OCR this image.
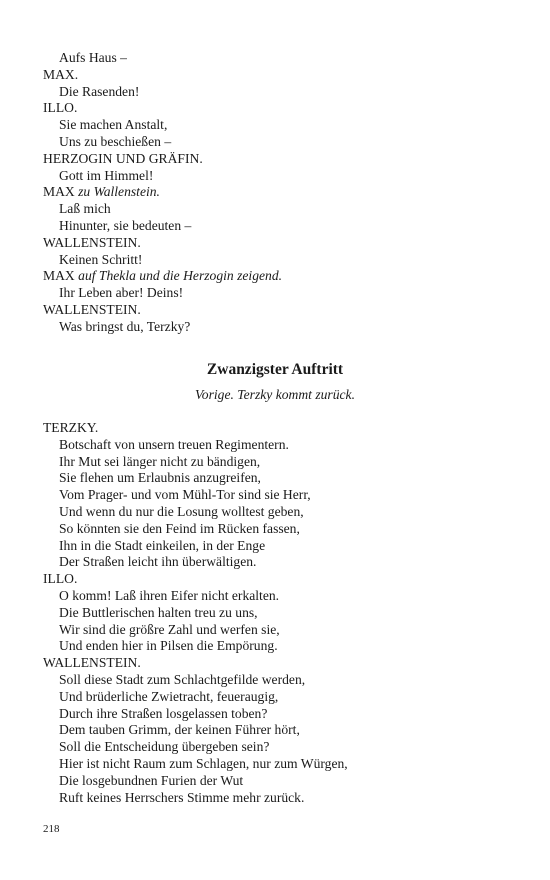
Aufs Haus –
MAX.
Die Rasenden!
ILLO.
Sie machen Anstalt,
Uns zu beschießen –
HERZOGIN UND GRÄFIN.
Gott im Himmel!
MAX zu Wallenstein.
Laß mich
Hinunter, sie bedeuten –
WALLENSTEIN.
Keinen Schritt!
MAX auf Thekla und die Herzogin zeigend.
Ihr Leben aber! Deins!
WALLENSTEIN.
Was bringst du, Terzky?
Zwanzigster Auftritt
Vorige. Terzky kommt zurück.
TERZKY.
Botschaft von unsern treuen Regimentern.
Ihr Mut sei länger nicht zu bändigen,
Sie flehen um Erlaubnis anzugreifen,
Vom Prager- und vom Mühl-Tor sind sie Herr,
Und wenn du nur die Losung wolltest geben,
So könnten sie den Feind im Rücken fassen,
Ihn in die Stadt einkeilen, in der Enge
Der Straßen leicht ihn überwältigen.
ILLO.
O komm! Laß ihren Eifer nicht erkalten.
Die Buttlerischen halten treu zu uns,
Wir sind die größre Zahl und werfen sie,
Und enden hier in Pilsen die Empörung.
WALLENSTEIN.
Soll diese Stadt zum Schlachtgefilde werden,
Und brüderliche Zwietracht, feueraugig,
Durch ihre Straßen losgelassen toben?
Dem tauben Grimm, der keinen Führer hört,
Soll die Entscheidung übergeben sein?
Hier ist nicht Raum zum Schlagen, nur zum Würgen,
Die losgebundnen Furien der Wut
Ruft keines Herrschers Stimme mehr zurück.
218
